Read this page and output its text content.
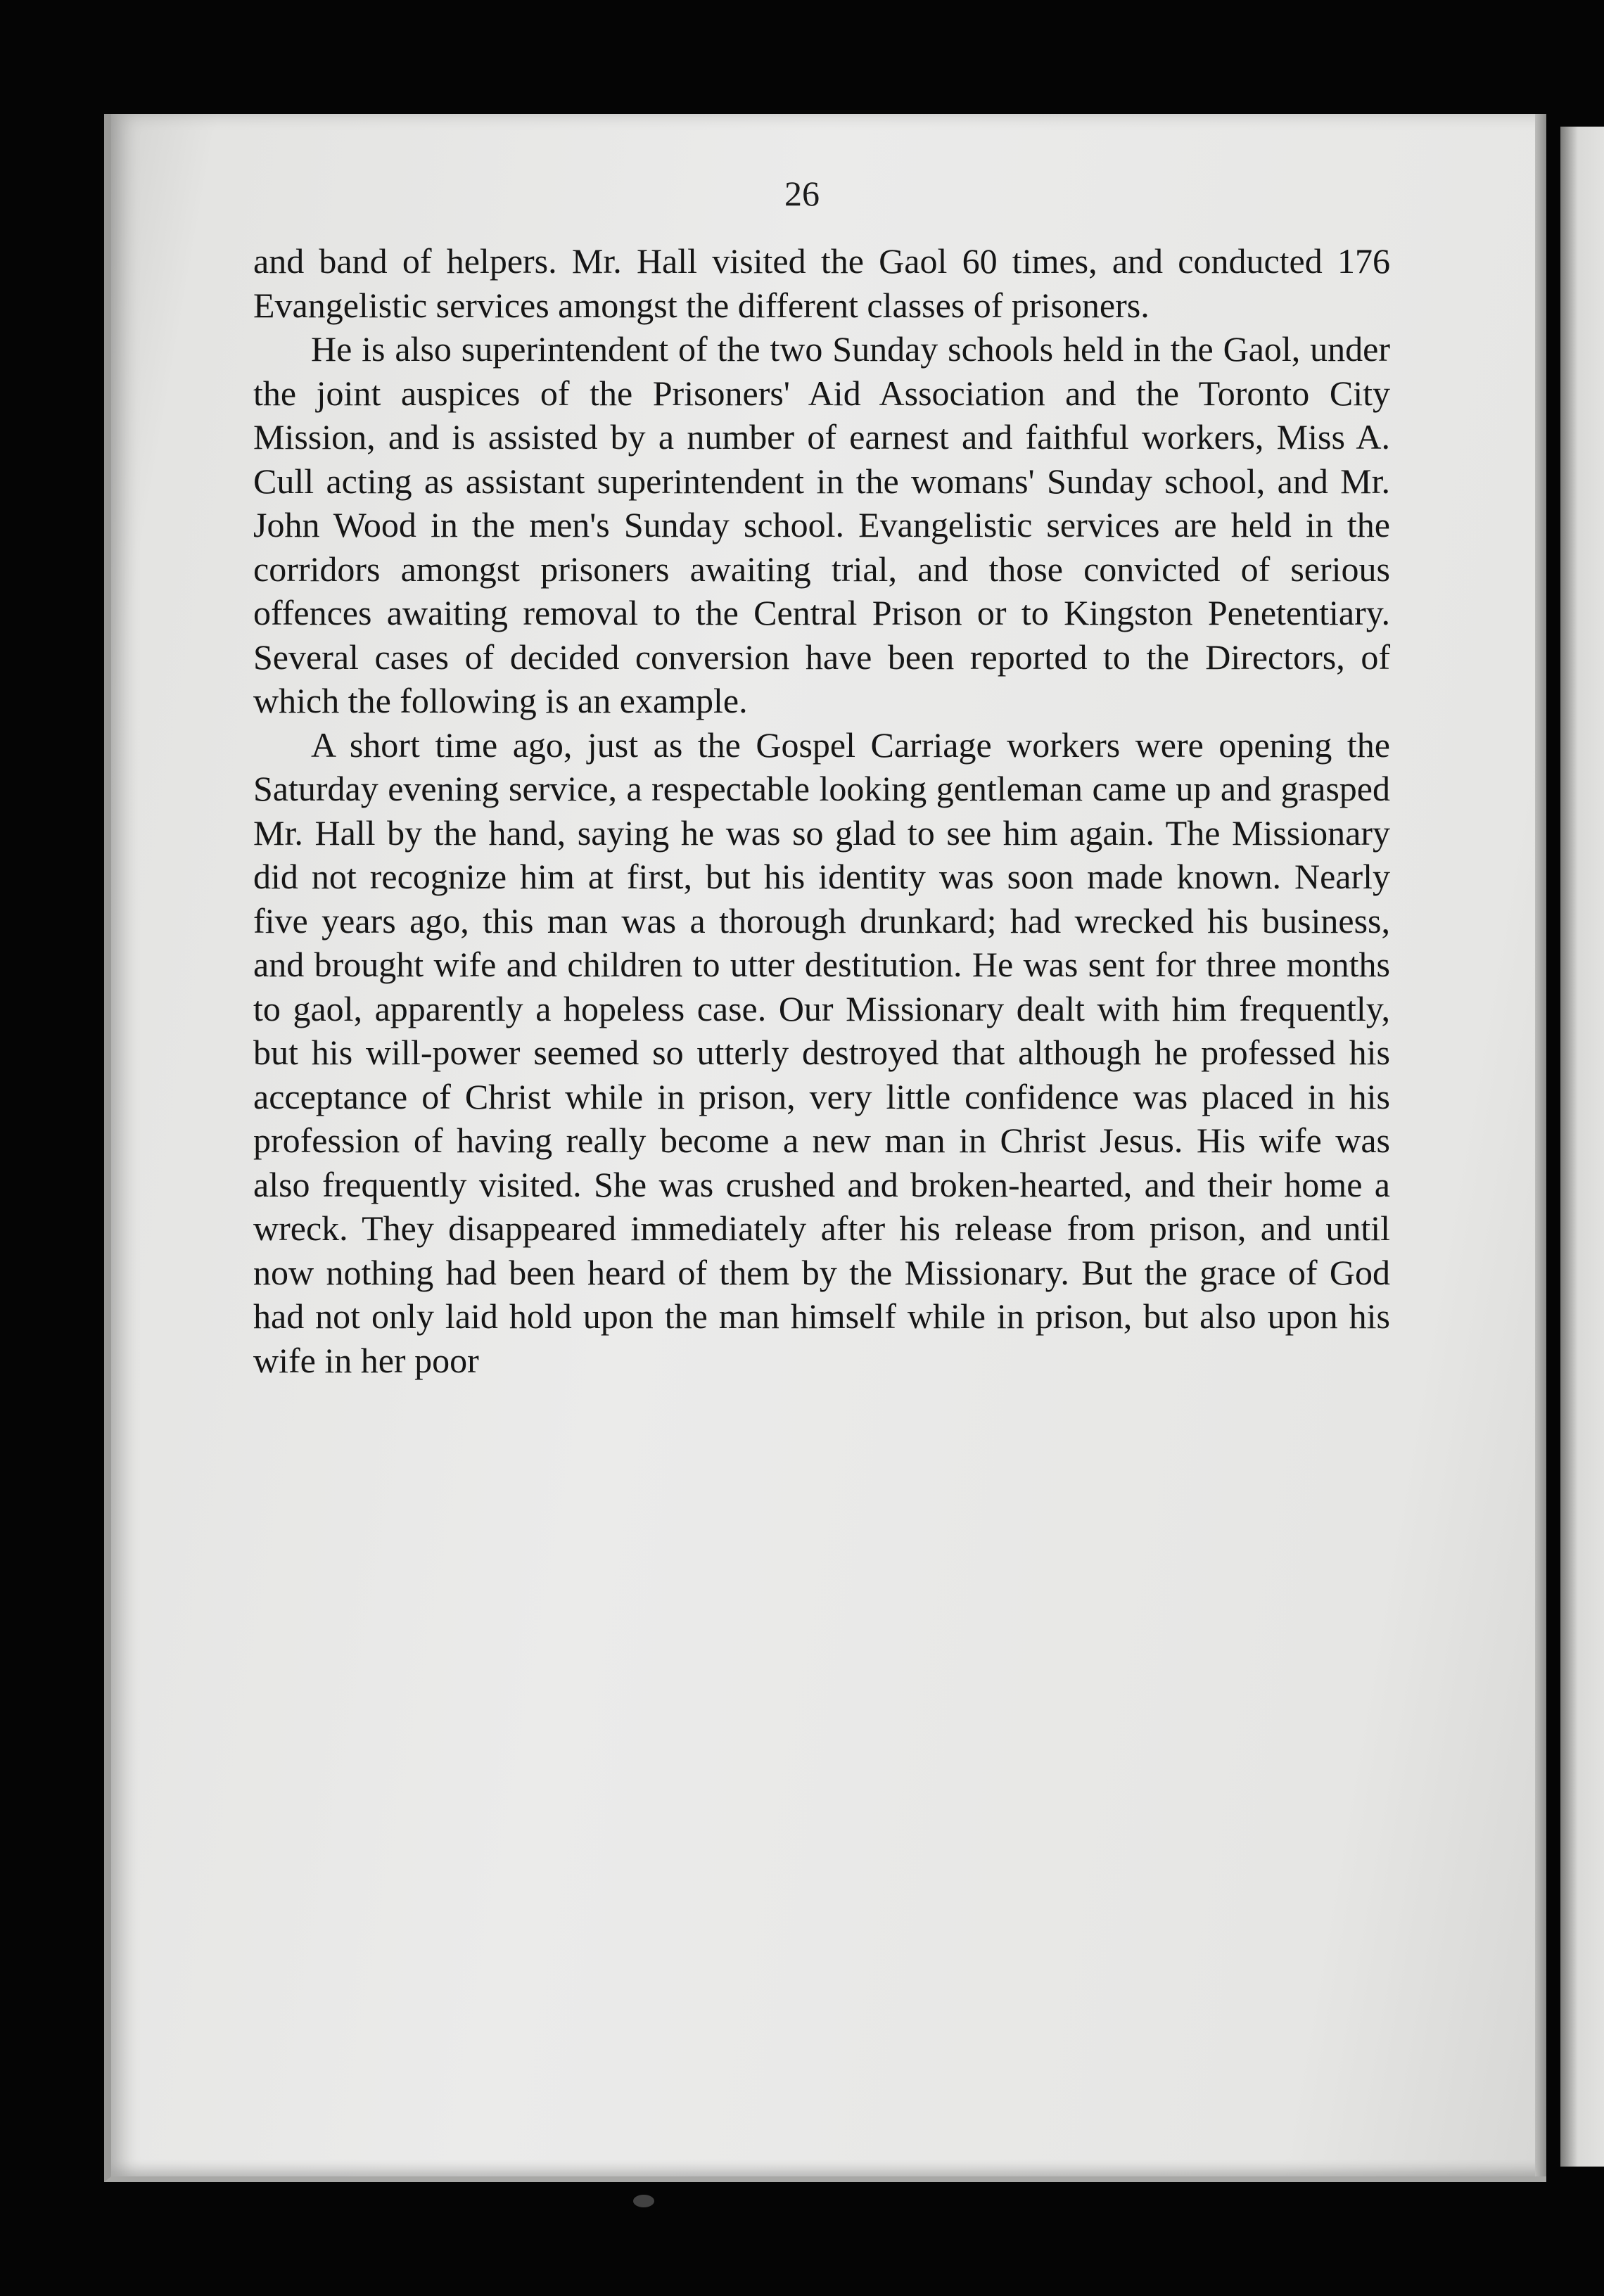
26

and band of helpers. Mr. Hall visited the Gaol 60 times, and conducted 176 Evangelistic services amongst the different classes of prisoners.

He is also superintendent of the two Sunday schools held in the Gaol, under the joint auspices of the Prisoners' Aid Association and the Toronto City Mission, and is assisted by a number of earnest and faithful workers, Miss A. Cull acting as assistant superintendent in the womans' Sunday school, and Mr. John Wood in the men's Sunday school. Evangelistic services are held in the corridors amongst prisoners awaiting trial, and those convicted of serious offences awaiting removal to the Central Prison or to Kingston Penetentiary. Several cases of decided conversion have been reported to the Directors, of which the following is an example.

A short time ago, just as the Gospel Carriage workers were opening the Saturday evening service, a respectable looking gentleman came up and grasped Mr. Hall by the hand, saying he was so glad to see him again. The Missionary did not recognize him at first, but his identity was soon made known. Nearly five years ago, this man was a thorough drunkard; had wrecked his business, and brought wife and children to utter destitution. He was sent for three months to gaol, apparently a hopeless case. Our Missionary dealt with him frequently, but his will-power seemed so utterly destroyed that although he professed his acceptance of Christ while in prison, very little confidence was placed in his profession of having really become a new man in Christ Jesus. His wife was also frequently visited. She was crushed and broken-hearted, and their home a wreck. They disappeared immediately after his release from prison, and until now nothing had been heard of them by the Missionary. But the grace of God had not only laid hold upon the man himself while in prison, but also upon his wife in her poor
